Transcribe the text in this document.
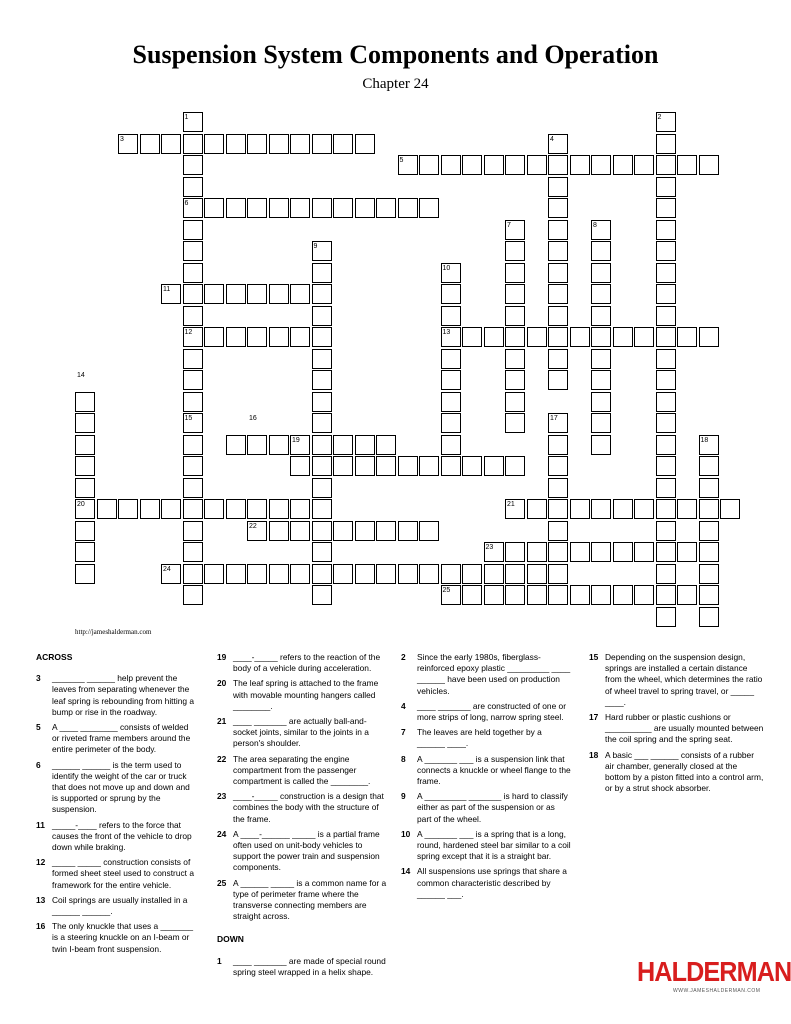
Suspension System Components and Operation
Chapter 24
1	2
3	4
5
6
7	8
9
10
11
12	13
14
15	16	17
18
19
20	21
22
23
24
25
http://jameshalderman.com
ACROSS
3 _______ ______ help prevent the leaves from separating whenever the leaf spring is rebounding from hitting a bump or rise in the roadway.
5 A ____ ________ consists of welded or riveted frame members around the entire perimeter of the body.
6 ______ ______ is the term used to identify the weight of the car or truck that does not move up and down and is supported or sprung by the suspension.
11 _____-____ refers to the force that causes the front of the vehicle to drop down while braking.
12 _____ _____ construction consists of formed sheet steel used to construct a framework for the entire vehicle.
13 Coil springs are usually installed in a ______ ______.
16 The only knuckle that uses a _______ is a steering knuckle on an I-beam or twin I-beam front suspension.
19 ____-_____ refers to the reaction of the body of a vehicle during acceleration.
20 The leaf spring is attached to the frame with movable mounting hangers called ________.
21 ____ _______ are actually ball-and-socket joints, similar to the joints in a person's shoulder.
22 The area separating the engine compartment from the passenger compartment is called the ________.
23 ____-_____ construction is a design that combines the body with the structure of the frame.
24 A ____-______ _____ is a partial frame often used on unit-body vehicles to support the power train and suspension components.
25 A ______ _____ is a common name for a type of perimeter frame where the transverse connecting members are straight across.
DOWN
1 ____ _______ are made of special round spring steel wrapped in a helix shape.
2 Since the early 1980s, fiberglass-reinforced epoxy plastic _________ ____ ______ have been used on production vehicles.
4 ____ _______ are constructed of one or more strips of long, narrow spring steel.
7 The leaves are held together by a ______ ____.
8 A _______ ___ is a suspension link that connects a knuckle or wheel flange to the frame.
9 A _________ _______ is hard to classify either as part of the suspension or as part of the wheel.
10 A _______ ___ is a spring that is a long, round, hardened steel bar similar to a coil spring except that it is a straight bar.
14 All suspensions use springs that share a common characteristic described by ______ ___.
15 Depending on the suspension design, springs are installed a certain distance from the wheel, which determines the ratio of wheel travel to spring travel, or _____ ____.
17 Hard rubber or plastic cushions or __________ are usually mounted between the coil spring and the spring seat.
18 A basic ___ ______ consists of a rubber air chamber, generally closed at the bottom by a piston fitted into a control arm, or by a strut shock absorber.
HALDERMAN
WWW.JAMESHALDERMAN.COM
